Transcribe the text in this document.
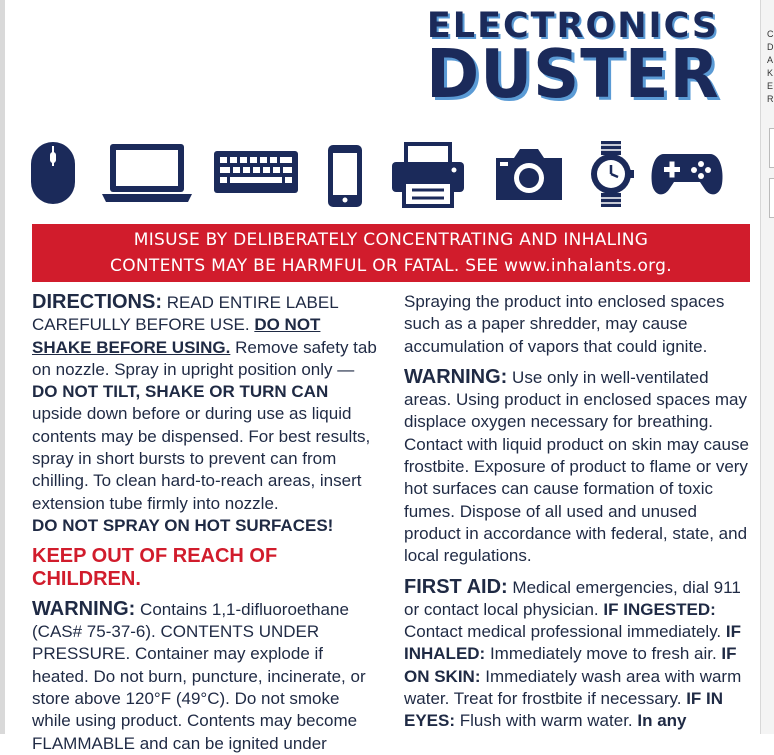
ELECTRONICS
DUSTER
MISUSE BY DELIBERATELY CONCENTRATING AND INHALING
CONTENTS MAY BE HARMFUL OR FATAL. SEE www.inhalants.org.

DIRECTIONS: READ ENTIRE LABEL CAREFULLY BEFORE USE. DO NOT SHAKE BEFORE USING. Remove safety tab on nozzle. Spray in upright position only — DO NOT TILT, SHAKE OR TURN CAN upside down before or during use as liquid contents may be dispensed. For best results, spray in short bursts to prevent can from chilling. To clean hard-to-reach areas, insert extension tube firmly into nozzle.

DO NOT SPRAY ON HOT SURFACES!

KEEP OUT OF REACH OF CHILDREN.

WARNING: Contains 1,1-difluoroethane (CAS# 75-37-6). CONTENTS UNDER PRESSURE. Container may explode if heated. Do not burn, puncture, incinerate, or store above 120°F (49°C). Do not smoke while using product. Contents may become FLAMMABLE and can be ignited under

Spraying the product into enclosed spaces such as a paper shredder, may cause accumulation of vapors that could ignite.

WARNING: Use only in well-ventilated areas. Using product in enclosed spaces may displace oxygen necessary for breathing. Contact with liquid product on skin may cause frostbite. Exposure of product to flame or very hot surfaces can cause formation of toxic fumes. Dispose of all used and unused product in accordance with federal, state, and local regulations.

FIRST AID: Medical emergencies, dial 911 or contact local physician. IF INGESTED: Contact medical professional immediately. IF INHALED: Immediately move to fresh air. IF ON SKIN: Immediately wash area with warm water. Treat for frostbite if necessary. IF IN EYES: Flush with warm water. In any

C
D
A
K
E
R
